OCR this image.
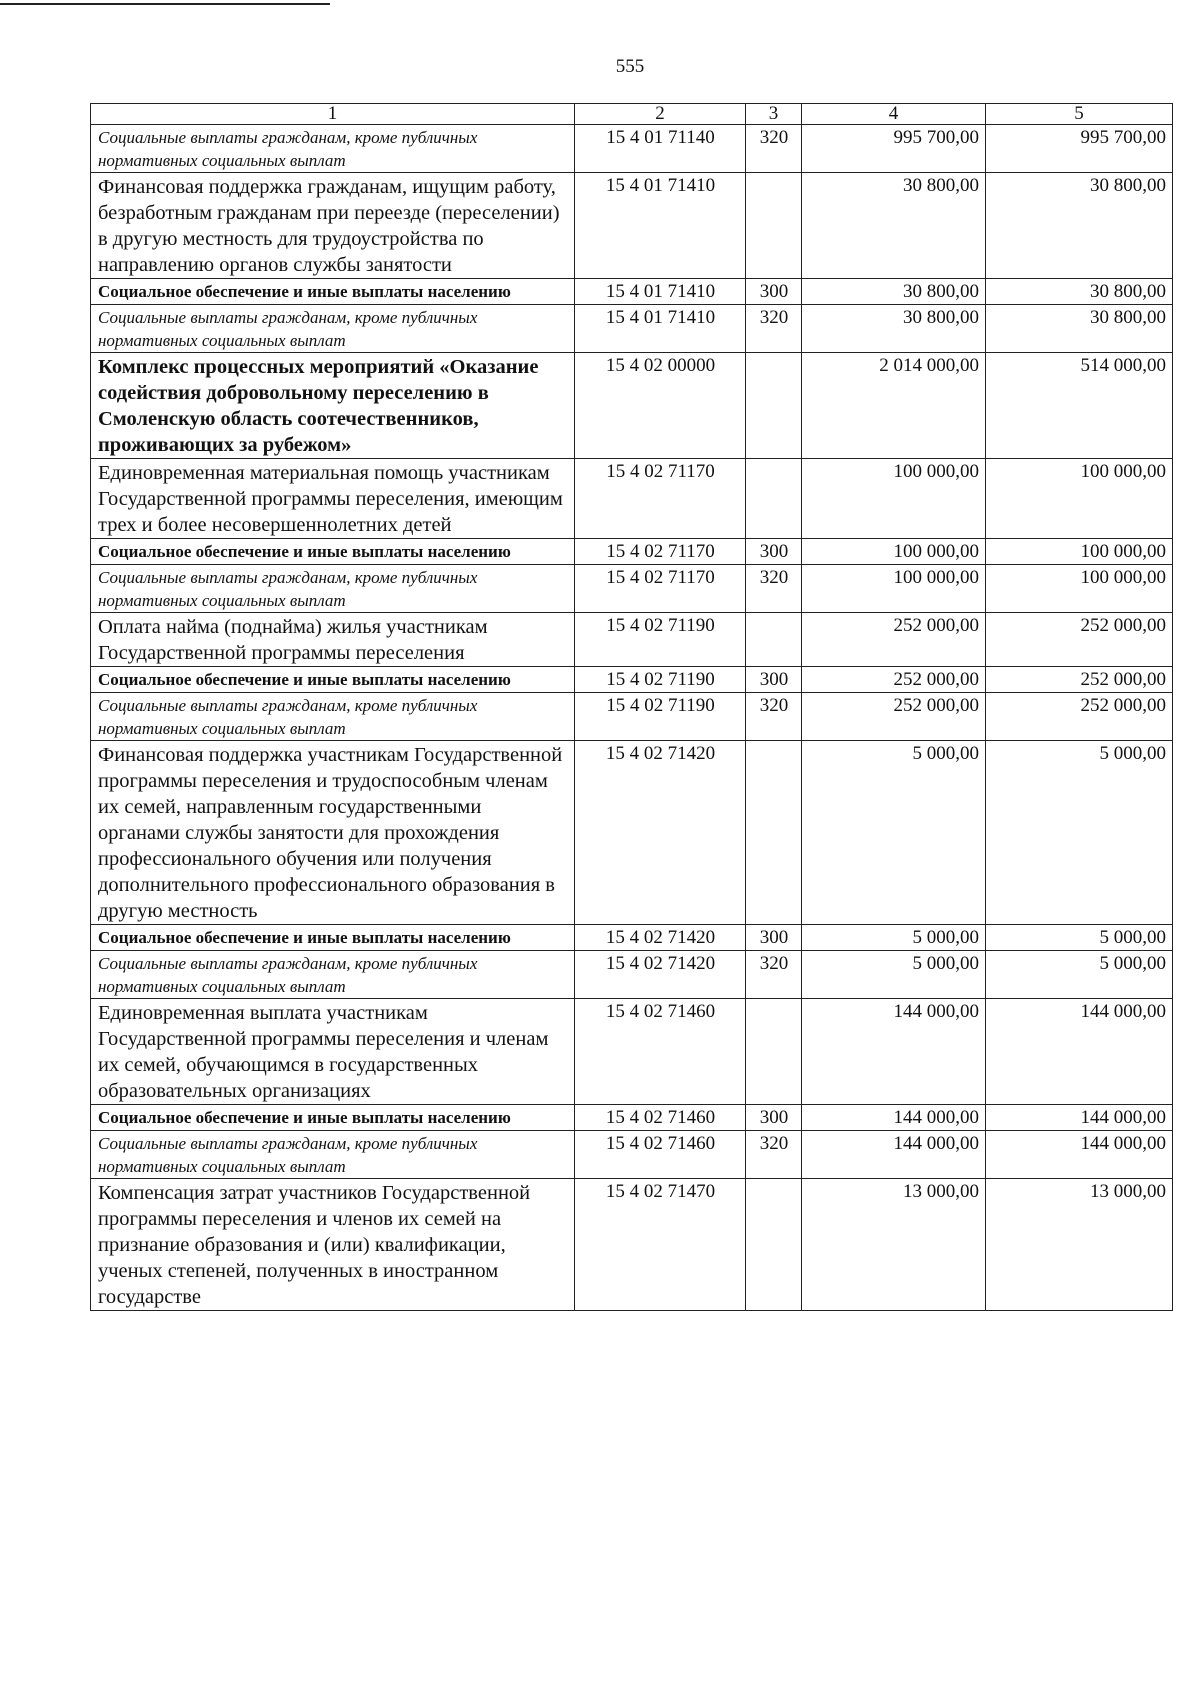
555
1	2	3	4	5
Социальные выплаты гражданам, кроме публичных нормативных социальных выплат	15 4 01 71140	320	995 700,00	995 700,00
Финансовая поддержка гражданам, ищущим работу, безработным гражданам при переезде (переселении) в другую местность для трудоустройства по направлению органов службы занятости	15 4 01 71410		30 800,00	30 800,00
Социальное обеспечение и иные выплаты населению	15 4 01 71410	300	30 800,00	30 800,00
Социальные выплаты гражданам, кроме публичных нормативных социальных выплат	15 4 01 71410	320	30 800,00	30 800,00
Комплекс процессных мероприятий «Оказание содействия добровольному переселению в Смоленскую область соотечественников, проживающих за рубежом»	15 4 02 00000		2 014 000,00	514 000,00
Единовременная материальная помощь участникам Государственной программы переселения, имеющим трех и более несовершеннолетних детей	15 4 02 71170		100 000,00	100 000,00
Социальное обеспечение и иные выплаты населению	15 4 02 71170	300	100 000,00	100 000,00
Социальные выплаты гражданам, кроме публичных нормативных социальных выплат	15 4 02 71170	320	100 000,00	100 000,00
Оплата найма (поднайма) жилья участникам Государственной программы переселения	15 4 02 71190		252 000,00	252 000,00
Социальное обеспечение и иные выплаты населению	15 4 02 71190	300	252 000,00	252 000,00
Социальные выплаты гражданам, кроме публичных нормативных социальных выплат	15 4 02 71190	320	252 000,00	252 000,00
Финансовая поддержка участникам Государственной программы переселения и трудоспособным членам их семей, направленным государственными органами службы занятости для прохождения профессионального обучения или получения дополнительного профессионального образования в другую местность	15 4 02 71420		5 000,00	5 000,00
Социальное обеспечение и иные выплаты населению	15 4 02 71420	300	5 000,00	5 000,00
Социальные выплаты гражданам, кроме публичных нормативных социальных выплат	15 4 02 71420	320	5 000,00	5 000,00
Единовременная выплата участникам Государственной программы переселения и членам их семей, обучающимся в государственных образовательных организациях	15 4 02 71460		144 000,00	144 000,00
Социальное обеспечение и иные выплаты населению	15 4 02 71460	300	144 000,00	144 000,00
Социальные выплаты гражданам, кроме публичных нормативных социальных выплат	15 4 02 71460	320	144 000,00	144 000,00
Компенсация затрат участников Государственной программы переселения и членов их семей на признание образования и (или) квалификации, ученых степеней, полученных в иностранном государстве	15 4 02 71470		13 000,00	13 000,00
